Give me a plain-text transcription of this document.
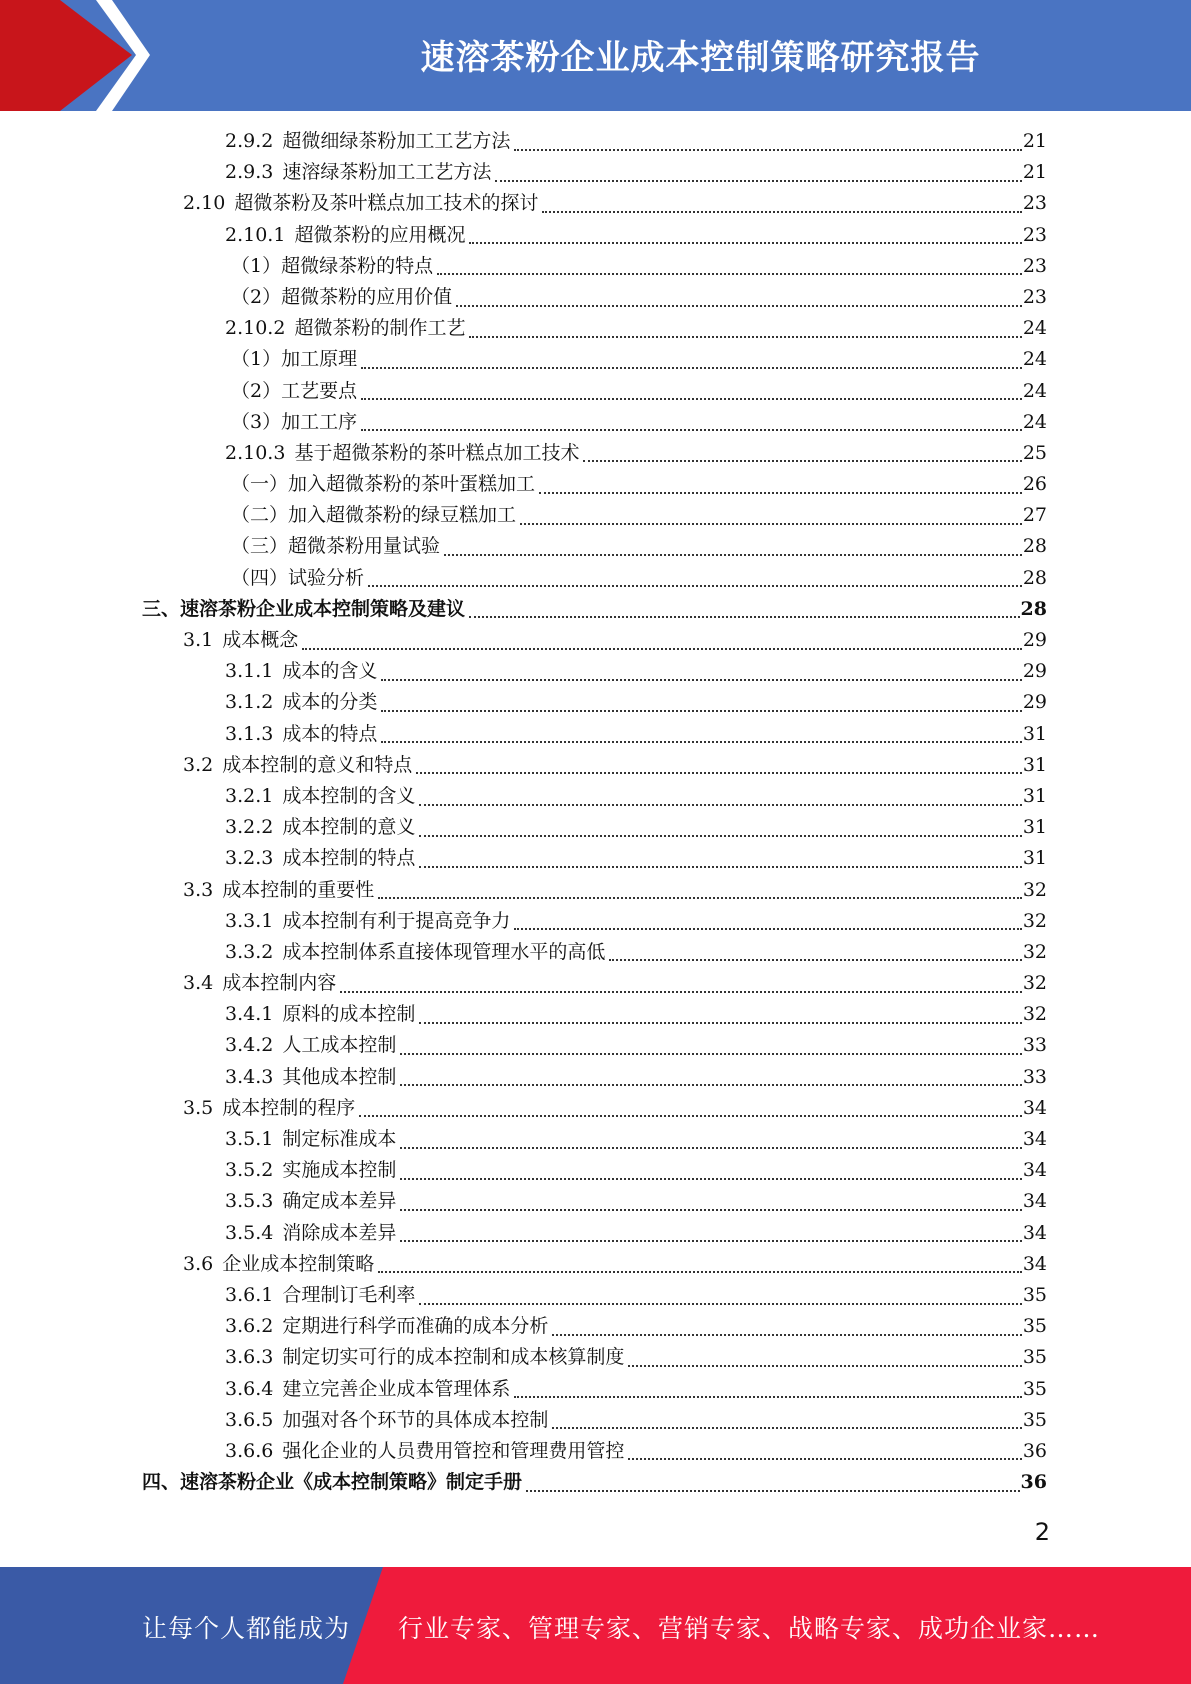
速溶茶粉企业成本控制策略研究报告
2.9.2 超微细绿茶粉加工工艺方法	21
2.9.3 速溶绿茶粉加工工艺方法	21
2.10 超微茶粉及茶叶糕点加工技术的探讨	23
2.10.1 超微茶粉的应用概况	23
（1）超微绿茶粉的特点	23
（2）超微茶粉的应用价值	23
2.10.2 超微茶粉的制作工艺	24
（1）加工原理	24
（2）工艺要点	24
（3）加工工序	24
2.10.3 基于超微茶粉的茶叶糕点加工技术	25
（一）加入超微茶粉的茶叶蛋糕加工	26
（二）加入超微茶粉的绿豆糕加工	27
（三）超微茶粉用量试验	28
（四）试验分析	28
三、速溶茶粉企业成本控制策略及建议	28
3.1 成本概念	29
3.1.1 成本的含义	29
3.1.2 成本的分类	29
3.1.3 成本的特点	31
3.2 成本控制的意义和特点	31
3.2.1 成本控制的含义	31
3.2.2 成本控制的意义	31
3.2.3 成本控制的特点	31
3.3 成本控制的重要性	32
3.3.1 成本控制有利于提高竞争力	32
3.3.2 成本控制体系直接体现管理水平的高低	32
3.4 成本控制内容	32
3.4.1 原料的成本控制	32
3.4.2 人工成本控制	33
3.4.3 其他成本控制	33
3.5 成本控制的程序	34
3.5.1 制定标准成本	34
3.5.2 实施成本控制	34
3.5.3 确定成本差异	34
3.5.4 消除成本差异	34
3.6 企业成本控制策略	34
3.6.1 合理制订毛利率	35
3.6.2 定期进行科学而准确的成本分析	35
3.6.3 制定切实可行的成本控制和成本核算制度	35
3.6.4 建立完善企业成本管理体系	35
3.6.5 加强对各个环节的具体成本控制	35
3.6.6 强化企业的人员费用管控和管理费用管控	36
四、速溶茶粉企业《成本控制策略》制定手册	36
2
让每个人都能成为 行业专家、管理专家、营销专家、战略专家、成功企业家……
